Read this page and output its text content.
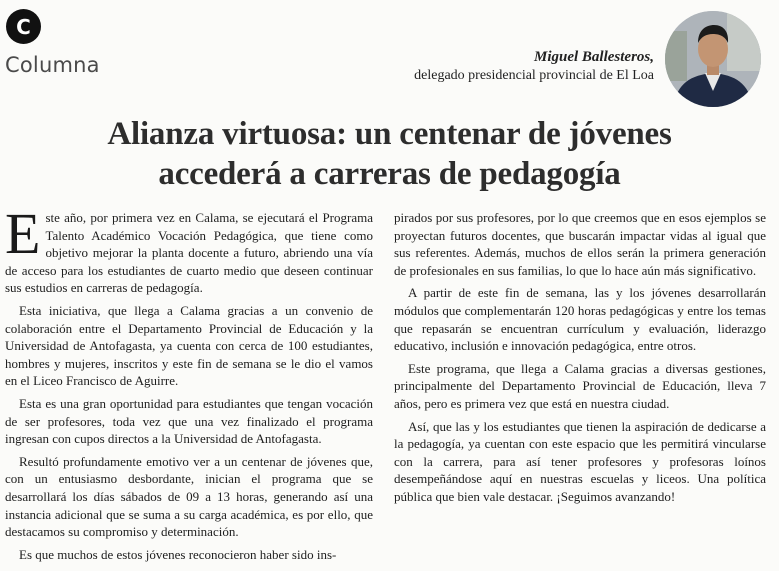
C
Columna	Miguel Ballesteros,
delegado presidencial provincial de El Loa
Alianza virtuosa: un centenar de jóvenes
accederá a carreras de pedagogía

Este año, por primera vez en Calama, se ejecutará el Programa Talento Académico Vocación Pedagógica, que tiene como objetivo mejorar la planta docente a futuro, abriendo una vía de acceso para los estudiantes de cuarto medio que deseen continuar sus estudios en carreras de pedagogía.

Esta iniciativa, que llega a Calama gracias a un convenio de colaboración entre el Departamento Provincial de Educación y la Universidad de Antofagasta, ya cuenta con cerca de 100 estudiantes, hombres y mujeres, inscritos y este fin de semana se le dio el vamos en el Liceo Francisco de Aguirre.

Esta es una gran oportunidad para estudiantes que tengan vocación de ser profesores, toda vez que una vez finalizado el programa ingresan con cupos directos a la Universidad de Antofagasta.

Resultó profundamente emotivo ver a un centenar de jóvenes que, con un entusiasmo desbordante, inician el programa que se desarrollará los días sábados de 09 a 13 horas, generando así una instancia adicional que se suma a su carga académica, es por ello, que destacamos su compromiso y determinación.

Es que muchos de estos jóvenes reconocieron haber sido ins-

pirados por sus profesores, por lo que creemos que en esos ejemplos se proyectan futuros docentes, que buscarán impactar vidas al igual que sus referentes. Además, muchos de ellos serán la primera generación de profesionales en sus familias, lo que lo hace aún más significativo.

A partir de este fin de semana, las y los jóvenes desarrollarán módulos que complementarán 120 horas pedagógicas y entre los temas que repasarán se encuentran currículum y evaluación, liderazgo educativo, inclusión e innovación pedagógica, entre otros.

Este programa, que llega a Calama gracias a diversas gestiones, principalmente del Departamento Provincial de Educación, lleva 7 años, pero es primera vez que está en nuestra ciudad.

Así, que las y los estudiantes que tienen la aspiración de dedicarse a la pedagogía, ya cuentan con este espacio que les permitirá vincularse con la carrera, para así tener profesores y profesoras loínos desempeñándose aquí en nuestras escuelas y liceos. Una política pública que bien vale destacar. ¡Seguimos avanzando!
